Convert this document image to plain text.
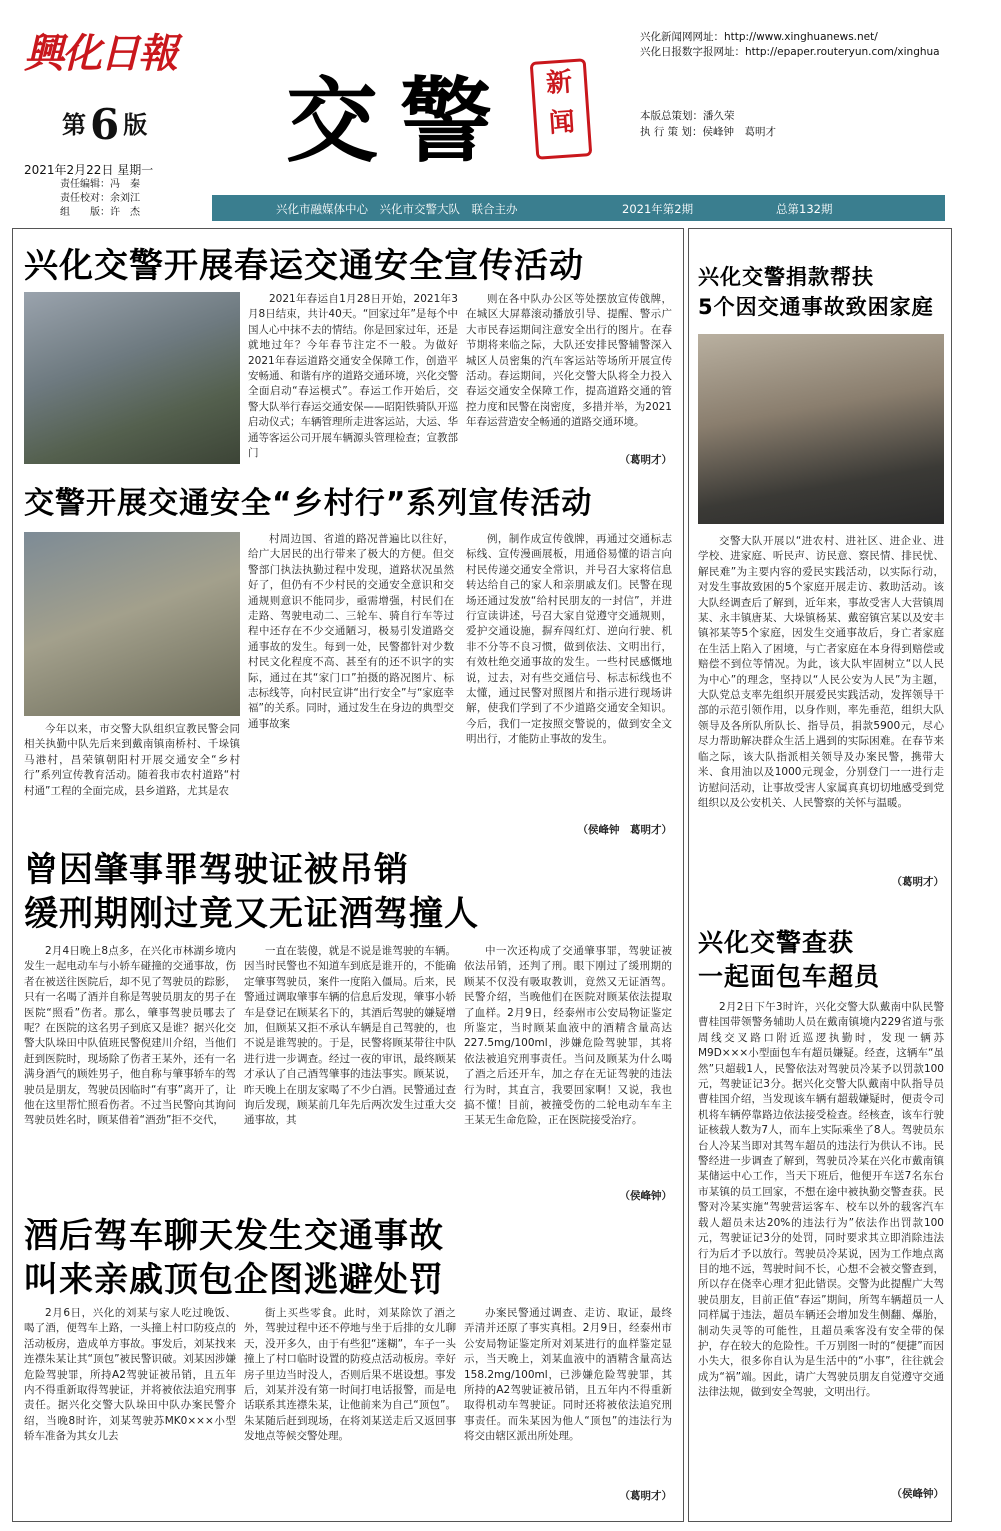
興化日報
第6 版 交警	新
闻
兴化新闻网网址：http://www.xinghuanews.net/
兴化日报数字报网址：http://epaper.routeryun.com/xinghua
本版总策划：潘久荣
执 行 策 划：侯峰钟　葛明才
2021年2月22日 星期一
责任编辑：冯　秦
责任校对：余刘江
组　　版：许　杰	兴化市融媒体中心　兴化市交警大队　联合主办	2021年第2期	总第132期
兴化交警开展春运交通安全宣传活动
2021年春运自1月28日开始，2021年3月8日结束，共计40天。“回家过年”是每个中国人心中抹不去的情结。你是回家过年，还是就地过年？今年春节注定不一般。为做好2021年春运道路交通安全保障工作，创造平安畅通、和谐有序的道路交通环境，兴化交警全面启动“春运模式”。春运工作开始后，交警大队举行春运交通安保——昭阳铁骑队开巡启动仪式；车辆管理所走进客运站，大运、华通等客运公司开展车辆源头管理检查；宣教部门
则在各中队办公区等处摆放宣传戗牌，在城区大屏幕滚动播放引导、提醒、警示广大市民春运期间注意安全出行的图片。在春节期将来临之际，大队还安排民警辅警深入城区人员密集的汽车客运站等场所开展宣传活动。春运期间，兴化交警大队将全力投入春运交通安全保障工作，提高道路交通的管控力度和民警在岗密度，多措并举，为2021年春运营造安全畅通的道路交通环境。
（葛明才）
交警开展交通安全“乡村行”系列宣传活动
今年以来，市交警大队组织宣教民警会同相关执勤中队先后来到戴南镇南桥村、千垛镇马港村，昌荣镇朝阳村开展交通安全“乡村行”系列宣传教育活动。随着我市农村道路“村村通”工程的全面完成，县乡道路，尤其是农
村周边国、省道的路况普遍比以往好，给广大居民的出行带来了极大的方便。但交警部门执法执勤过程中发现，道路状况虽然好了，但仍有不少村民的交通安全意识和交通规则意识不能同步，亟需增强，村民们在走路、驾驶电动二、三轮车、骑自行车等过程中还存在不少交通陋习，极易引发道路交通事故的发生。每到一处，民警都针对少数村民文化程度不高、甚至有的还不识字的实际，通过在其“家门口”拍摄的路况图片、标志标线等，向村民宣讲“出行安全”与“家庭幸福”的关系。同时，通过发生在身边的典型交通事故案
例，制作成宣传戗牌，再通过交通标志标线、宣传漫画展板，用通俗易懂的语言向村民传递交通安全常识，并号召大家将信息转达给自己的家人和亲朋戚友们。民警在现场还通过发放“给村民朋友的一封信”，并进行宣读讲述，号召大家自觉遵守交通规则，爱护交通设施，摒弃闯红灯、逆向行驶、机非不分等不良习惯，做到依法、文明出行，有效杜绝交通事故的发生。一些村民感慨地说，过去，对有些交通信号、标志标线也不太懂，通过民警对照图片和指示进行现场讲解，使我们学到了不少道路交通安全知识。今后，我们一定按照交警说的，做到安全文明出行，才能防止事故的发生。
（侯峰钟　葛明才）
曾因肇事罪驾驶证被吊销
缓刑期刚过竟又无证酒驾撞人
2月4日晚上8点多，在兴化市林湖乡境内发生一起电动车与小轿车碰撞的交通事故，伤者在被送往医院后，却不见了驾驶员的踪影，只有一名喝了酒并自称是驾驶员朋友的男子在医院“照看”伤者。那么，肇事驾驶员哪去了呢？在医院的这名男子到底又是谁？据兴化交警大队垛田中队值班民警倪建川介绍，当他们赶到医院时，现场除了伤者王某外，还有一名满身酒气的顾姓男子，他自称与肇事轿车的驾驶员是朋友，驾驶员因临时“有事”离开了，让他在这里帮忙照看伤者。不过当民警向其询问驾驶员姓名时，顾某借着“酒劲”拒不交代，
一直在装傻，就是不说是谁驾驶的车辆。因当时民警也不知道车到底是谁开的，不能确定肇事驾驶员，案件一度陷入僵局。后来，民警通过调取肇事车辆的信息后发现，肇事小轿车是登记在顾某名下的，其酒后驾驶的嫌疑增加，但顾某又拒不承认车辆是自己驾驶的，也不说是谁驾驶的。于是，民警将顾某带往中队进行进一步调查。经过一夜的审讯，最终顾某才承认了自己酒驾肇事的违法事实。顾某说，昨天晚上在朋友家喝了不少白酒。民警通过查询后发现，顾某前几年先后两次发生过重大交通事故，其
中一次还构成了交通肇事罪，驾驶证被依法吊销，还判了刑。眼下刚过了缓刑期的顾某不仅没有吸取教训，竟然又无证酒驾。民警介绍，当晚他们在医院对顾某依法提取了血样。2月9日，经泰州市公安局物证鉴定所鉴定，当时顾某血液中的酒精含量高达227.5mg/100ml，涉嫌危险驾驶罪，其将依法被追究刑事责任。当问及顾某为什么喝了酒之后还开车，加之存在无证驾驶的违法行为时，其直言，我要回家啊！又说，我也搞不懂！目前，被撞受伤的二轮电动车车主王某无生命危险，正在医院接受治疗。
（侯峰钟）
酒后驾车聊天发生交通事故
叫来亲戚顶包企图逃避处罚
2月6日，兴化的刘某与家人吃过晚饭、喝了酒，便驾车上路，一头撞上村口防疫点的活动板房，造成单方事故。事发后，刘某找来连襟朱某让其“顶包”被民警识破。刘某因涉嫌危险驾驶罪，所持A2驾驶证被吊销，且五年内不得重新取得驾驶证，并将被依法追究刑事责任。据兴化交警大队垛田中队办案民警介绍，当晚8时许，刘某驾驶苏MK0×××小型轿车准备为其女儿去
街上买些零食。此时，刘某除饮了酒之外，驾驶过程中还不停地与坐于后排的女儿聊天，没开多久，由于有些犯“迷糊”，车子一头撞上了村口临时设置的防疫点活动板房。幸好房子里边当时没人，否则后果不堪设想。事发后，刘某并没有第一时间打电话报警，而是电话联系其连襟朱某，让他前来为自己“顶包”。朱某随后赶到现场，在将刘某送走后又返回事发地点等候交警处理。
办案民警通过调查、走访、取证，最终弄清并还原了事实真相。2月9日，经泰州市公安局物证鉴定所对刘某进行的血样鉴定显示，当天晚上，刘某血液中的酒精含量高达158.2mg/100ml，已涉嫌危险驾驶罪，其所持的A2驾驶证被吊销，且五年内不得重新取得机动车驾驶证。同时还将被依法追究刑事责任。而朱某因为他人“顶包”的违法行为将交由辖区派出所处理。
（葛明才）
兴化交警捐款帮扶
5个因交通事故致困家庭
交警大队开展以“进农村、进社区、进企业、进学校、进家庭、听民声、访民意、察民情、排民忧、解民难”为主要内容的爱民实践活动，以实际行动，对发生事故致困的5个家庭开展走访、救助活动。该大队经调查后了解到，近年来，事故受害人大营镇周某、永丰镇唐某、大垛镇杨某、戴窑镇宫某以及安丰镇祁某等5个家庭，因发生交通事故后，身亡者家庭在生活上陷入了困境，与亡者家庭在本身得到赔偿或赔偿不到位等情况。为此，该大队牢固树立“以人民为中心”的理念，坚持以“人民公安为人民”为主题，大队党总支率先组织开展爱民实践活动，发挥领导干部的示范引领作用，以身作则，率先垂范，组织大队领导及各所队所队长、指导员，捐款5900元，尽心尽力帮助解决群众生活上遇到的实际困难。在春节来临之际，该大队指派相关领导及办案民警，携带大米、食用油以及1000元现金，分别登门一一进行走访慰问活动，让事故受害人家属真真切切地感受到党组织以及公安机关、人民警察的关怀与温暖。
（葛明才）
兴化交警查获
一起面包车超员
2月2日下午3时许，兴化交警大队戴南中队民警曹桂国带领警务辅助人员在戴南镇境内229省道与张周线交叉路口附近巡逻执勤时，发现一辆苏M9D×××小型面包车有超员嫌疑。经查，这辆车“虽然”只超载1人，民警依法对驾驶员冷某予以罚款100元，驾驶证记3分。据兴化交警大队戴南中队指导员曹桂国介绍，当发现该车辆有超载嫌疑时，便责令司机将车辆停靠路边依法接受检查。经核查，该车行驶证核载人数为7人，而车上实际乘坐了8人。驾驶员东台人冷某当即对其驾车超员的违法行为供认不讳。民警经进一步调查了解到，驾驶员冷某在兴化市戴南镇某储运中心工作，当天下班后，他便开车送7名东台市某镇的员工回家，不想在途中被执勤交警查获。民警对冷某实施“驾驶营运客车、校车以外的载客汽车载人超员未达20%的违法行为”依法作出罚款100元，驾驶证记3分的处罚，同时要求其立即消除违法行为后才予以放行。驾驶员冷某说，因为工作地点离目的地不远，驾驶时间不长，心想不会被交警查到，所以存在侥幸心理才犯此错误。交警为此提醒广大驾驶员朋友，目前正值“春运”期间，所驾车辆超员一人同样属于违法，超员车辆还会增加发生侧翻、爆胎，制动失灵等的可能性，且超员乘客没有安全带的保护，存在较大的危险性。千万别图一时的“便捷”而因小失大，很多你自认为是生活中的“小事”，往往就会成为“祸”端。因此，请广大驾驶员朋友自觉遵守交通法律法规，做到安全驾驶，文明出行。
（侯峰钟）
